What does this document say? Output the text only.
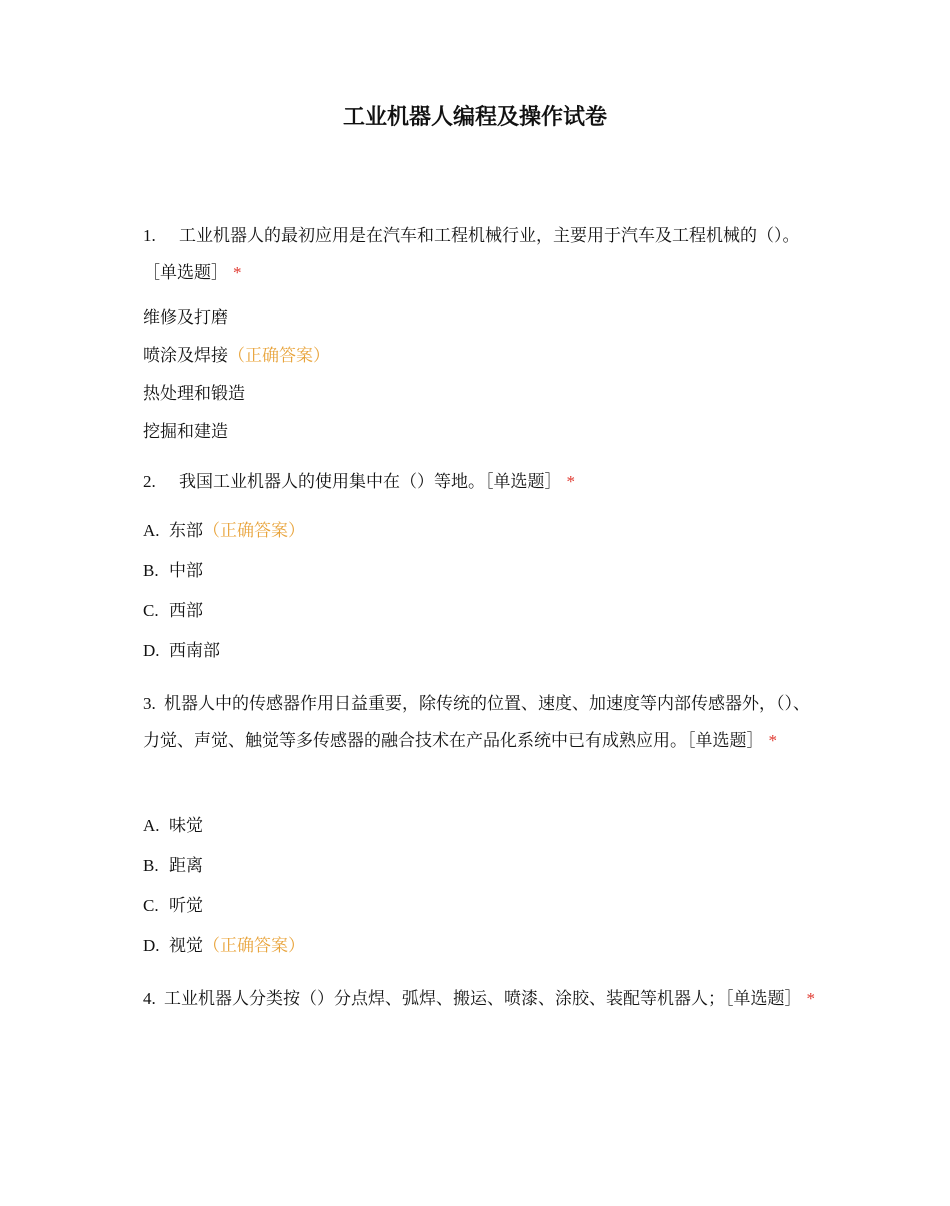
工业机器人编程及操作试卷
1. 工业机器人的最初应用是在汽车和工程机械行业，主要用于汽车及工程机械的（）。［单选题］ *
维修及打磨
喷涂及焊接（正确答案）
热处理和锻造
挖掘和建造
2. 我国工业机器人的使用集中在（）等地。［单选题］ *
A. 东部（正确答案）
B. 中部
C. 西部
D. 西南部
3. 机器人中的传感器作用日益重要，除传统的位置、速度、加速度等内部传感器外，（）、力觉、声觉、触觉等多传感器的融合技术在产品化系统中已有成熟应用。［单选题］ *
A. 味觉
B. 距离
C. 听觉
D. 视觉（正确答案）
4. 工业机器人分类按（）分点焊、弧焊、搬运、喷漆、涂胶、装配等机器人；［单选题］ *
